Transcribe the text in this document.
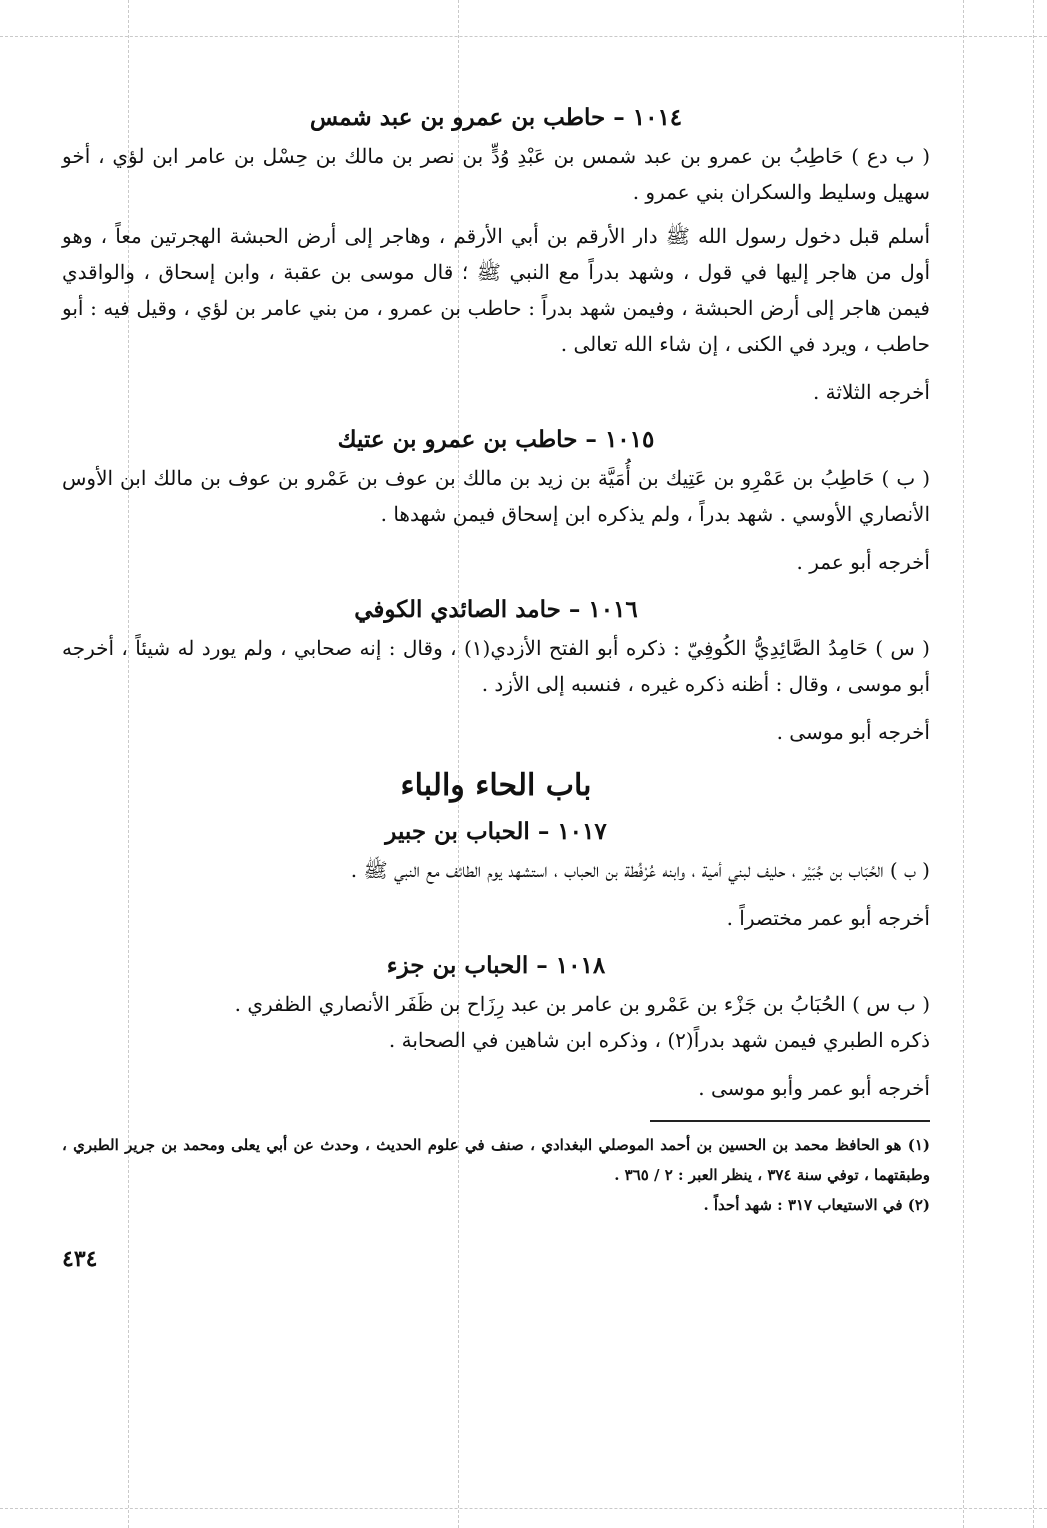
١٠١٤ – حاطب بن عمرو بن عبد شمس

( ب دع ) حَاطِبُ بن عمرو بن عبد شمس بن عَبْدِ وُدٍّ بن نصر بن مالك بن حِسْل بن عامر ابن لؤي ، أخو سهيل وسليط والسكران بني عمرو .

أسلم قبل دخول رسول الله ﷺ دار الأرقم بن أبي الأرقم ، وهاجر إلى أرض الحبشة الهجرتين معاً ، وهو أول من هاجر إليها في قول ، وشهد بدراً مع النبي ﷺ ؛ قال موسى بن عقبة ، وابن إسحاق ، والواقدي فيمن هاجر إلى أرض الحبشة ، وفيمن شهد بدراً : حاطب بن عمرو ، من بني عامر بن لؤي ، وقيل فيه : أبو حاطب ، ويرد في الكنى ، إن شاء الله تعالى .

أخرجه الثلاثة .
١٠١٥ – حاطب بن عمرو بن عتيك

( ب ) حَاطِبُ بن عَمْرِو بن عَتِيك بن أُمَيَّة بن زيد بن مالك بن عوف بن عَمْرو بن عوف بن مالك ابن الأوس الأنصاري الأوسي . شهد بدراً ، ولم يذكره ابن إسحاق فيمن شهدها .

أخرجه أبو عمر .
١٠١٦ – حامد الصائدي الكوفي

( س ) حَامِدُ الصَّائِدِيُّ الكُوفِيّ : ذكره أبو الفتح الأزدي(١) ، وقال : إنه صحابي ، ولم يورد له شيئاً ، أخرجه أبو موسى ، وقال : أظنه ذكره غيره ، فنسبه إلى الأزد .

أخرجه أبو موسى .
باب الحاء والباء
١٠١٧ – الحباب بن جبير

( ب ) الحُبَاب بن جُبَيْر ، حليف لبني أمية ، وابنه عُرْفُطة بن الحباب ، استشهد يوم الطائف مع النبي ﷺ .

أخرجه أبو عمر مختصراً .
١٠١٨ – الحباب بن جزء

( ب س ) الحُبَابُ بن جَزْء بن عَمْرو بن عامر بن عبد رِزَاح بن ظَفَر الأنصاري الظفري .

ذكره الطبري فيمن شهد بدراً(٢) ، وذكره ابن شاهين في الصحابة .

أخرجه أبو عمر وأبو موسى .
(١) هو الحافظ محمد بن الحسين بن أحمد الموصلي البغدادي ، صنف في علوم الحديث ، وحدث عن أبي يعلى ومحمد بن جرير الطبري ، وطبقتهما ، توفي سنة ٣٧٤ ، ينظر العبر : ٢ / ٣٦٥ .
(٢) في الاستيعاب ٣١٧ : شهد أحداً .
٤٣٤
